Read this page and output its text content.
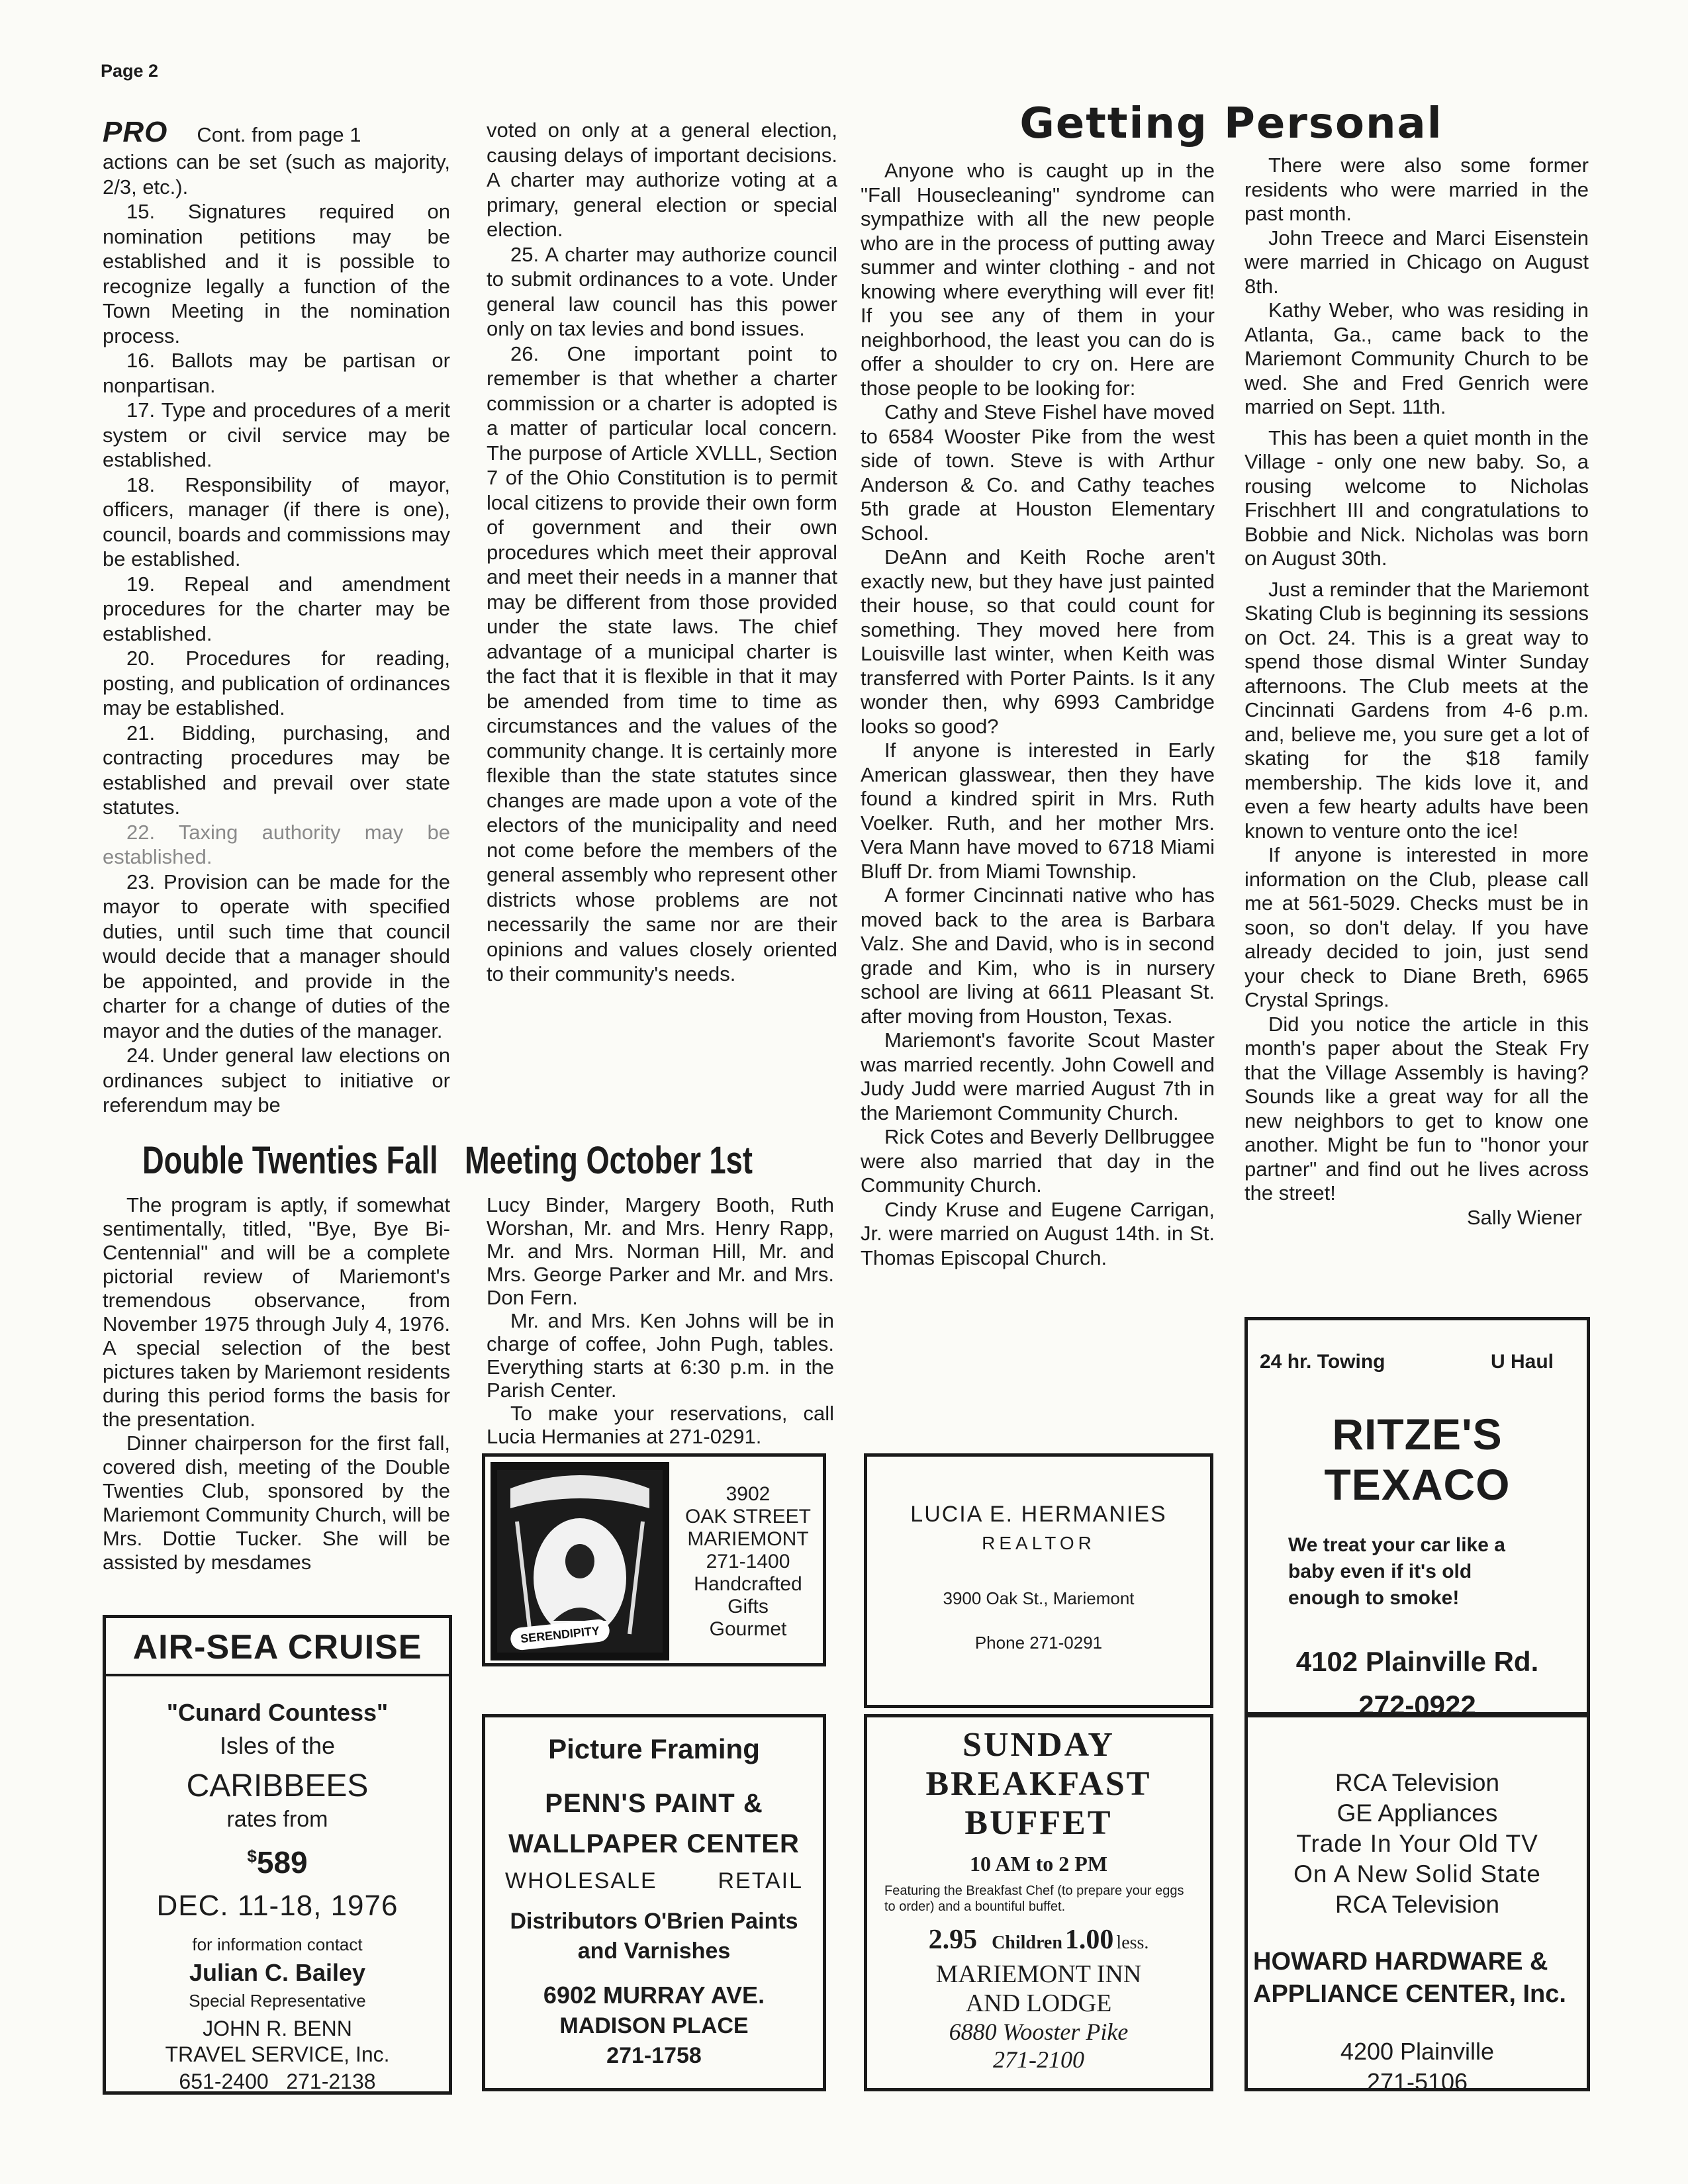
Page 2
PRO Cont. from page 1

actions can be set (such as majority, 2/3, etc.).

15. Signatures required on nomination petitions may be established and it is possible to recognize legally a function of the Town Meeting in the nomination process.

16. Ballots may be partisan or nonpartisan.

17. Type and procedures of a merit system or civil service may be established.

18. Responsibility of mayor, officers, manager (if there is one), council, boards and commissions may be established.

19. Repeal and amendment procedures for the charter may be established.

20. Procedures for reading, posting, and publication of ordinances may be established.

21. Bidding, purchasing, and contracting procedures may be established and prevail over state statutes.

22. Taxing authority may be established.

23. Provision can be made for the mayor to operate with specified duties, until such time that council would decide that a manager should be appointed, and provide in the charter for a change of duties of the mayor and the duties of the manager.

24. Under general law elections on ordinances subject to initiative or referendum may be

voted on only at a general election, causing delays of important decisions. A charter may authorize voting at a primary, general election or special election.

25. A charter may authorize council to submit ordinances to a vote. Under general law council has this power only on tax levies and bond issues.

26. One important point to remember is that whether a charter commission or a charter is adopted is a matter of particular local concern. The purpose of Article XVLLL, Section 7 of the Ohio Constitution is to permit local citizens to provide their own form of government and their own procedures which meet their approval and meet their needs in a manner that may be different from those provided under the state laws. The chief advantage of a municipal charter is the fact that it is flexible in that it may be amended from time to time as circumstances and the values of the community change. It is certainly more flexible than the state statutes since changes are made upon a vote of the electors of the municipality and need not come before the members of the general assembly who represent other districts whose problems are not necessarily the same nor are their opinions and values closely oriented to their community's needs.

Getting Personal

Anyone who is caught up in the "Fall Housecleaning" syndrome can sympathize with all the new people who are in the process of putting away summer and winter clothing - and not knowing where everything will ever fit! If you see any of them in your neighborhood, the least you can do is offer a shoulder to cry on. Here are those people to be looking for:

Cathy and Steve Fishel have moved to 6584 Wooster Pike from the west side of town. Steve is with Arthur Anderson & Co. and Cathy teaches 5th grade at Houston Elementary School.

DeAnn and Keith Roche aren't exactly new, but they have just painted their house, so that could count for something. They moved here from Louisville last winter, when Keith was transferred with Porter Paints. Is it any wonder then, why 6993 Cambridge looks so good?

If anyone is interested in Early American glasswear, then they have found a kindred spirit in Mrs. Ruth Voelker. Ruth, and her mother Mrs. Vera Mann have moved to 6718 Miami Bluff Dr. from Miami Township.

A former Cincinnati native who has moved back to the area is Barbara Valz. She and David, who is in second grade and Kim, who is in nursery school are living at 6611 Pleasant St. after moving from Houston, Texas.

Mariemont's favorite Scout Master was married recently. John Cowell and Judy Judd were married August 7th in the Mariemont Community Church.

Rick Cotes and Beverly Dellbruggee were also married that day in the Community Church.

Cindy Kruse and Eugene Carrigan, Jr. were married on August 14th. in St. Thomas Episcopal Church.

There were also some former residents who were married in the past month.

John Treece and Marci Eisenstein were married in Chicago on August 8th.

Kathy Weber, who was residing in Atlanta, Ga., came back to the Mariemont Community Church to be wed. She and Fred Genrich were married on Sept. 11th.

This has been a quiet month in the Village - only one new baby. So, a rousing welcome to Nicholas Frischhert III and congratulations to Bobbie and Nick. Nicholas was born on August 30th.

Just a reminder that the Mariemont Skating Club is beginning its sessions on Oct. 24. This is a great way to spend those dismal Winter Sunday afternoons. The Club meets at the Cincinnati Gardens from 4-6 p.m. and, believe me, you sure get a lot of skating for the $18 family membership. The kids love it, and even a few hearty adults have been known to venture onto the ice!

If anyone is interested in more information on the Club, please call me at 561-5029. Checks must be in soon, so don't delay. If you have already decided to join, just send your check to Diane Breth, 6965 Crystal Springs.

Did you notice the article in this month's paper about the Steak Fry that the Village Assembly is having? Sounds like a great way for all the new neighbors to get to know one another. Might be fun to "honor your partner" and find out he lives across the street!

Sally Wiener
Double Twenties Fall Meeting October 1st

The program is aptly, if somewhat sentimentally, titled, "Bye, Bye Bi-Centennial" and will be a complete pictorial review of Mariemont's tremendous observance, from November 1975 through July 4, 1976. A special selection of the best pictures taken by Mariemont residents during this period forms the basis for the presentation.

Dinner chairperson for the first fall, covered dish, meeting of the Double Twenties Club, sponsored by the Mariemont Community Church, will be Mrs. Dottie Tucker. She will be assisted by mesdames

Lucy Binder, Margery Booth, Ruth Worshan, Mr. and Mrs. Henry Rapp, Mr. and Mrs. Norman Hill, Mr. and Mrs. George Parker and Mr. and Mrs. Don Fern.

Mr. and Mrs. Ken Johns will be in charge of coffee, John Pugh, tables. Everything starts at 6:30 p.m. in the Parish Center.

To make your reservations, call Lucia Hermanies at 271-0291.

SERENDIPITY
3902
OAK STREET
MARIEMONT
271-1400
Handcrafted
Gifts
Gourmet
LUCIA E. HERMANIES
REALTOR
3900 Oak St., Mariemont
Phone 271-0291
24 hr. Towing	U Haul
RITZE'S TEXACO
We treat your car like a baby even if it's old enough to smoke!
4102 Plainville Rd.
272-0922
AIR-SEA CRUISE
"Cunard Countess"
Isles of the
CARIBBEES
rates from
$589
DEC. 11-18, 1976
for information contact
Julian C. Bailey
Special Representative
JOHN R. BENN
TRAVEL SERVICE, Inc.
651-2400   271-2138
Picture Framing
PENN'S PAINT &
WALLPAPER CENTER
WHOLESALE	RETAIL
Distributors O'Brien Paints
and Varnishes
6902 MURRAY AVE.
MADISON PLACE
271-1758
SUNDAY
BREAKFAST
BUFFET
10 AM to 2 PM
Featuring the Breakfast Chef (to prepare your eggs to order) and a bountiful buffet.
2.95 Children 1.00 less.
MARIEMONT INN
AND LODGE
6880 Wooster Pike
271-2100
RCA Television
GE Appliances
Trade In Your Old TV
On A New Solid State
RCA Television
HOWARD HARDWARE &
APPLIANCE CENTER, Inc.
4200 Plainville
271-5106
